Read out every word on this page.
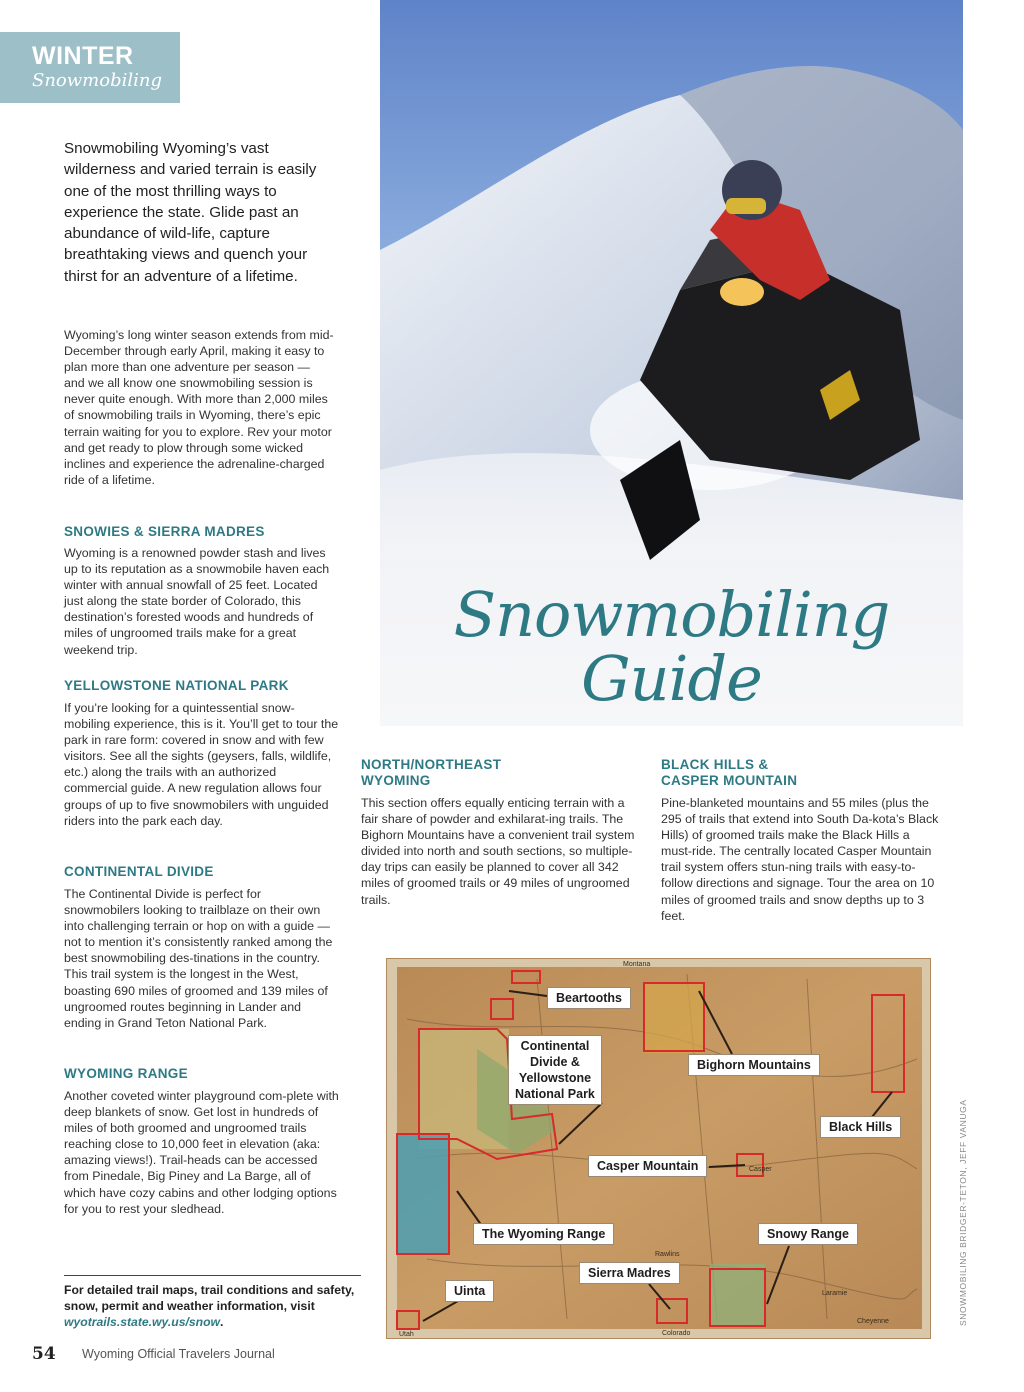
WINTER
Snowmobiling
Snowmobiling Wyoming’s vast wilderness and varied terrain is easily one of the most thrilling ways to experience the state. Glide past an abundance of wild-life, capture breathtaking views and quench your thirst for an adventure of a lifetime.
Wyoming’s long winter season extends from mid-December through early April, making it easy to plan more than one adventure per season — and we all know one snowmobiling session is never quite enough. With more than 2,000 miles of snowmobiling trails in Wyoming, there’s epic terrain waiting for you to explore. Rev your motor and get ready to plow through some wicked inclines and experience the adrenaline-charged ride of a lifetime.
SNOWIES & SIERRA MADRES
Wyoming is a renowned powder stash and lives up to its reputation as a snowmobile haven each winter with annual snowfall of 25 feet. Located just along the state border of Colorado, this destination’s forested woods and hundreds of miles of ungroomed trails make for a great weekend trip.
YELLOWSTONE NATIONAL PARK
If you’re looking for a quintessential snow-mobiling experience, this is it. You’ll get to tour the park in rare form: covered in snow and with few visitors. See all the sights (geysers, falls, wildlife, etc.) along the trails with an authorized commercial guide. A new regulation allows four groups of up to five snowmobilers with unguided riders into the park each day.
CONTINENTAL DIVIDE
The Continental Divide is perfect for snowmobilers looking to trailblaze on their own into challenging terrain or hop on with a guide — not to mention it’s consistently ranked among the best snowmobiling des-tinations in the country. This trail system is the longest in the West, boasting 690 miles of groomed and 139 miles of ungroomed routes beginning in Lander and ending in Grand Teton National Park.
WYOMING RANGE
Another coveted winter playground com-plete with deep blankets of snow. Get lost in hundreds of miles of both groomed and ungroomed trails reaching close to 10,000 feet in elevation (aka: amazing views!). Trail-heads can be accessed from Pinedale, Big Piney and La Barge, all of which have cozy cabins and other lodging options for you to rest your sledhead.
Snowmobiling
Guide
NORTH/NORTHEAST
WYOMING
This section offers equally enticing terrain with a fair share of powder and exhilarat-ing trails. The Bighorn Mountains have a convenient trail system divided into north and south sections, so multiple-day trips can easily be planned to cover all 342 miles of groomed trails or 49 miles of ungroomed trails.
BLACK HILLS &
CASPER MOUNTAIN
Pine-blanketed mountains and 55 miles (plus the 295 of trails that extend into South Da-kota’s Black Hills) of groomed trails make the Black Hills a must-ride. The centrally located Casper Mountain trail system offers stun-ning trails with easy-to-follow directions and signage. Tour the area on 10 miles of groomed trails and snow depths up to 3 feet.
Montana
Colorado
Utah
Cheyenne
Casper
Rawlins
Laramie
Beartooths
Continental
Divide &
Yellowstone
National Park
Bighorn Mountains
Black Hills
Casper Mountain
The Wyoming Range	Snowy Range
Sierra Madres
Uinta
For detailed trail maps, trail conditions and safety, snow, permit and weather information, visit wyotrails.state.wy.us/snow.
54 Wyoming Official Travelers Journal
SNOWMOBILING BRIDGER-TETON, JEFF VANUGA
